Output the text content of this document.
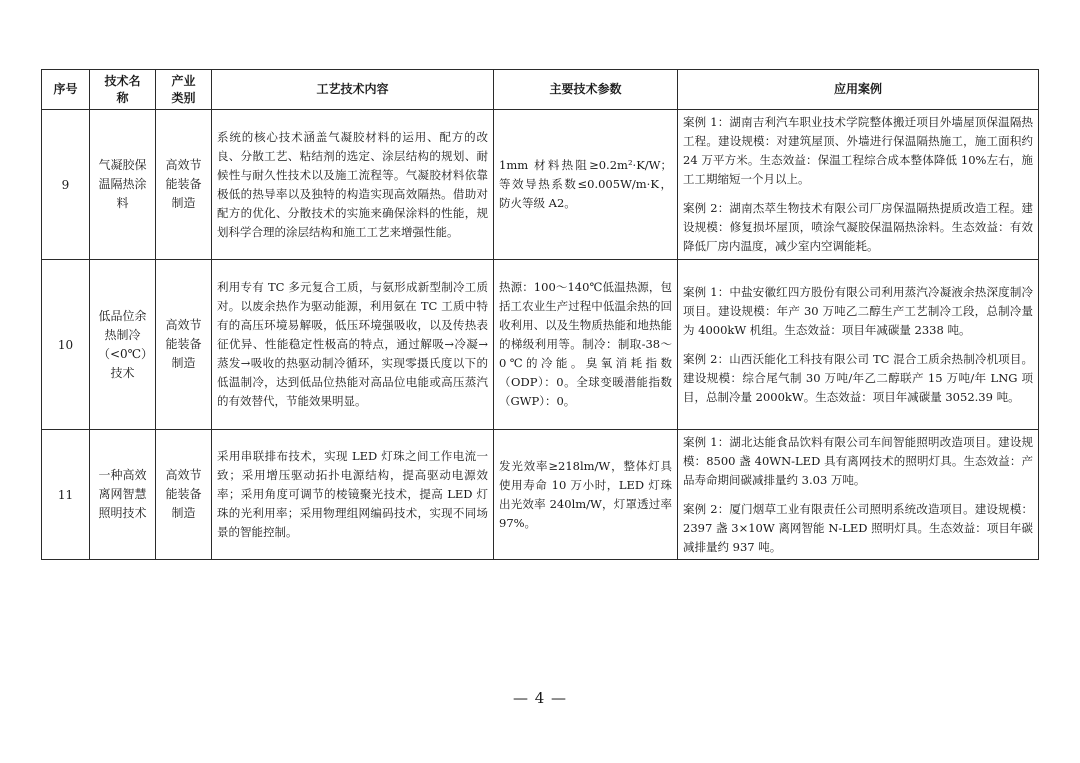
序号	技术名称	产业类别	工艺技术内容	主要技术参数	应用案例
9	气凝胶保温隔热涂料	高效节能装备制造	系统的核心技术涵盖气凝胶材料的运用、配方的改良、分散工艺、粘结剂的选定、涂层结构的规划、耐候性与耐久性技术以及施工流程等。气凝胶材料依靠极低的热导率以及独特的构造实现高效隔热。借助对配方的优化、分散技术的实施来确保涂料的性能，规划科学合理的涂层结构和施工工艺来增强性能。	1mm 材料热阻≥0.2m²·K/W；等效导热系数≤0.005W/m·K，防火等级 A2。	案例 1：湖南吉利汽车职业技术学院整体搬迁项目外墙屋顶保温隔热工程。建设规模：对建筑屋顶、外墙进行保温隔热施工，施工面积约 24 万平方米。生态效益：保温工程综合成本整体降低 10%左右，施工工期缩短一个月以上。

案例 2：湖南杰萃生物技术有限公司厂房保温隔热提质改造工程。建设规模：修复损坏屋顶，喷涂气凝胶保温隔热涂料。生态效益：有效降低厂房内温度，减少室内空调能耗。

10	低品位余热制冷（<0℃）技术	高效节能装备制造	利用专有 TC 多元复合工质，与氨形成新型制冷工质对。以废余热作为驱动能源，利用氨在 TC 工质中特有的高压环境易解吸，低压环境强吸收，以及传热表征优异、性能稳定性极高的特点，通过解吸→冷凝→蒸发→吸收的热驱动制冷循环，实现零摄氏度以下的低温制冷，达到低品位热能对高品位电能或高压蒸汽的有效替代，节能效果明显。	热源：100～140℃低温热源，包括工农业生产过程中低温余热的回收利用、以及生物质热能和地热能的梯级利用等。制冷：制取-38～0℃的冷能。臭氧消耗指数（ODP）：0。全球变暖潜能指数（GWP）：0。	案例 1：中盐安徽红四方股份有限公司利用蒸汽冷凝液余热深度制冷项目。建设规模：年产 30 万吨乙二醇生产工艺制冷工段，总制冷量为 4000kW 机组。生态效益：项目年减碳量 2338 吨。

案例 2：山西沃能化工科技有限公司 TC 混合工质余热制冷机项目。建设规模：综合尾气制 30 万吨/年乙二醇联产 15 万吨/年 LNG 项目，总制冷量 2000kW。生态效益：项目年减碳量 3052.39 吨。

11	一种高效离网智慧照明技术	高效节能装备制造	采用串联排布技术，实现 LED 灯珠之间工作电流一致；采用增压驱动拓扑电源结构，提高驱动电源效率；采用角度可调节的棱镜聚光技术，提高 LED 灯珠的光利用率；采用物理组网编码技术，实现不同场景的智能控制。	发光效率≥218lm/W，整体灯具使用寿命 10 万小时，LED 灯珠出光效率 240lm/W，灯罩透过率 97%。	案例 1：湖北达能食品饮料有限公司车间智能照明改造项目。建设规模：8500 盏 40WN-LED 具有离网技术的照明灯具。生态效益：产品寿命期间碳减排量约 3.03 万吨。

案例 2：厦门烟草工业有限责任公司照明系统改造项目。建设规模：2397 盏 3×10W 离网智能 N-LED 照明灯具。生态效益：项目年碳减排量约 937 吨。

— 4 —
